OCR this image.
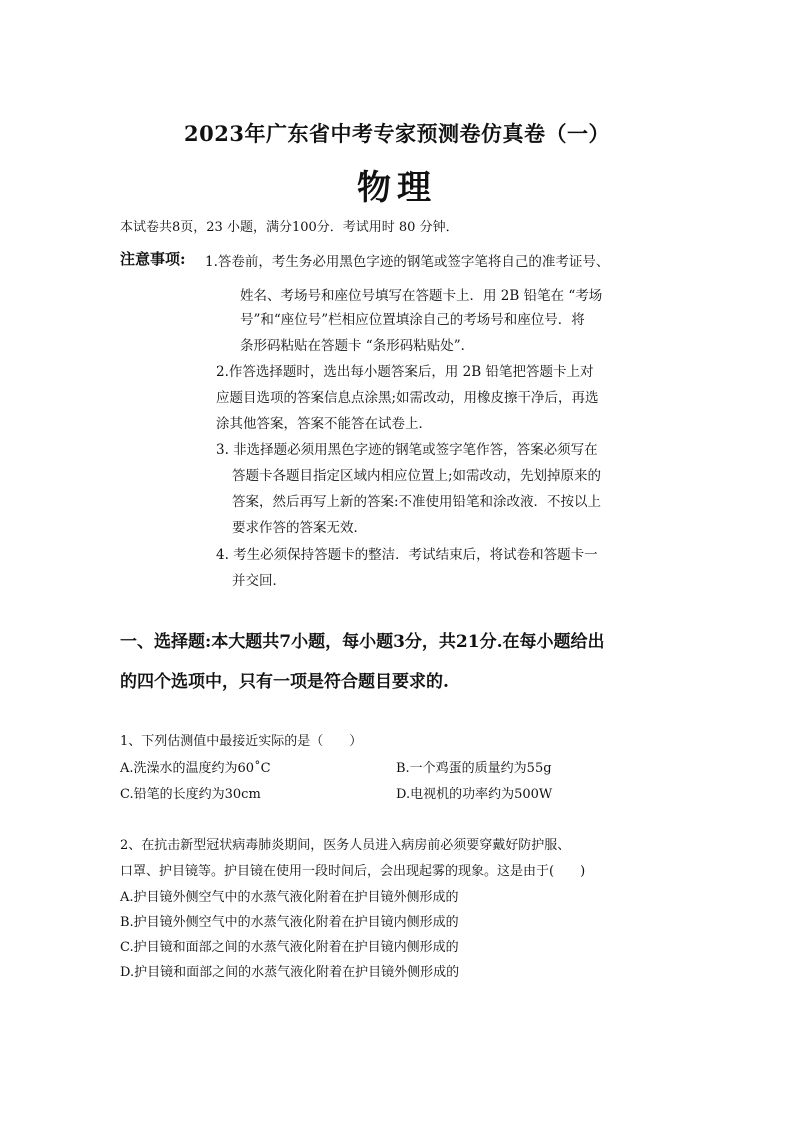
2023年广东省中考专家预测卷仿真卷（一）
物理
本试卷共8页，23 小题，满分100分．考试用时 80 分钟．
注意事项: 1.答卷前，考生务必用黑色字迹的钢笔或签字笔将自己的准考证号、
姓名、考场号和座位号填写在答题卡上．用 2B 铅笔在 “考场
号”和“座位号”栏相应位置填涂自己的考场号和座位号．将
条形码粘贴在答题卡 “条形码粘贴处”．
2.作答选择题时，选出每小题答案后，用 2B 铅笔把答题卡上对
应题目选项的答案信息点涂黑;如需改动，用橡皮擦干净后，再选
涂其他答案，答案不能答在试卷上．
3. 非选择题必须用黑色字迹的钢笔或签字笔作答，答案必须写在
答题卡各题目指定区域内相应位置上;如需改动，先划掉原来的
答案，然后再写上新的答案:不准使用铅笔和涂改液．不按以上
要求作答的答案无效．
4. 考生必须保持答题卡的整洁．考试结束后，将试卷和答题卡一
并交回．
一、选择题:本大题共7小题，每小题3分，共21分.在每小题给出
的四个选项中，只有一项是符合题目要求的.
1、下列估测值中最接近实际的是（　　）
A.洗澡水的温度约为60˚C	B.一个鸡蛋的质量约为55g
C.铅笔的长度约为30cm	D.电视机的功率约为500W
2、在抗击新型冠状病毒肺炎期间，医务人员进入病房前必须要穿戴好防护服、
口罩、护目镜等。护目镜在使用一段时间后，会出现起雾的现象。这是由于(　　)
A.护目镜外侧空气中的水蒸气液化附着在护目镜外侧形成的
B.护目镜外侧空气中的水蒸气液化附着在护目镜内侧形成的
C.护目镜和面部之间的水蒸气液化附着在护目镜内侧形成的
D.护目镜和面部之间的水蒸气液化附着在护目镜外侧形成的
